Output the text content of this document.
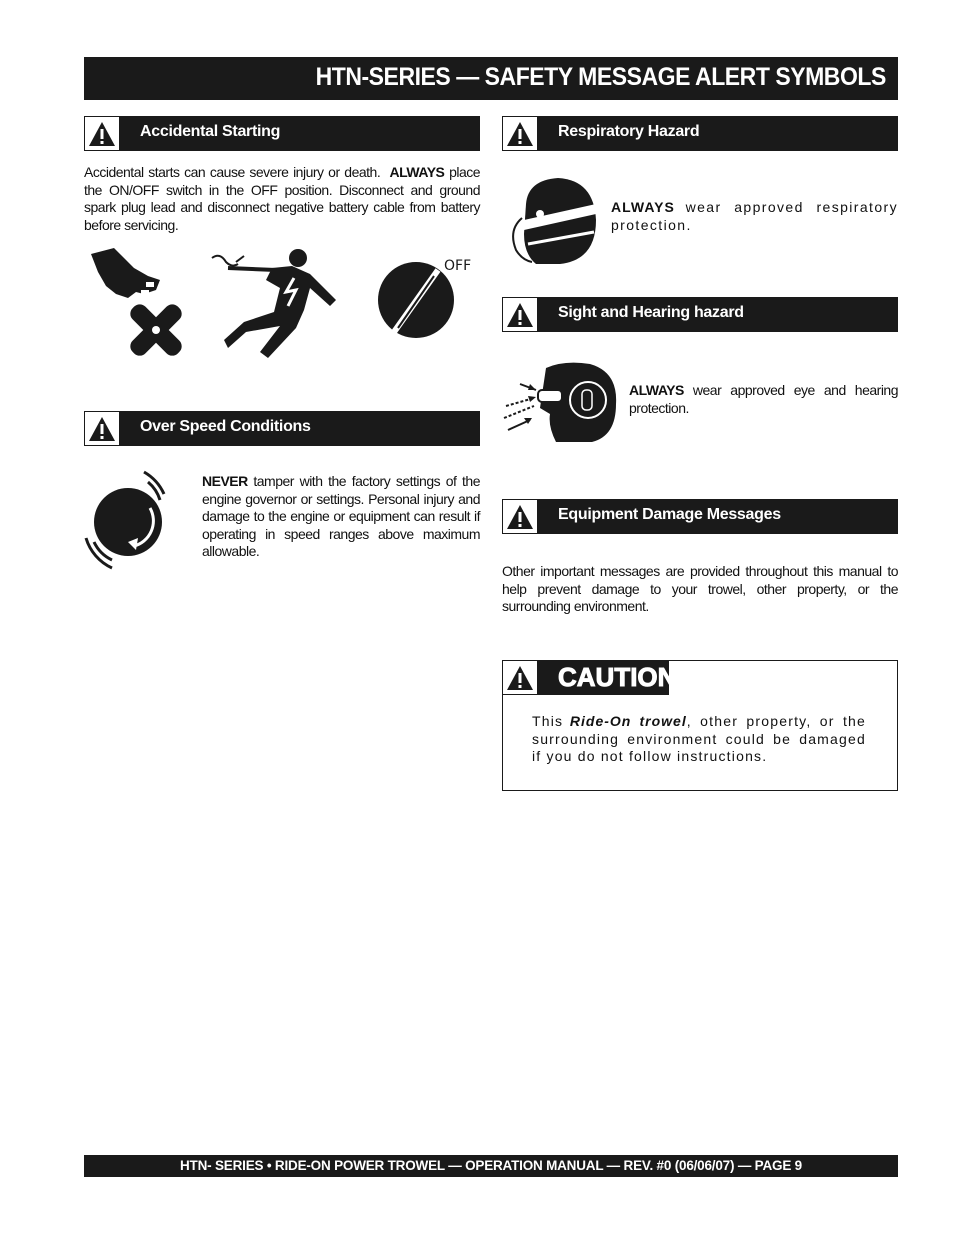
HTN-SERIES — SAFETY MESSAGE ALERT SYMBOLS
Accidental Starting
Accidental starts can cause severe injury or death. ALWAYS place the ON/OFF switch in the OFF position. Disconnect and ground spark plug lead and disconnect negative battery cable from battery before servicing.
OFF
Over Speed Conditions
NEVER tamper with the factory settings of the engine governor or settings. Personal injury and damage to the engine or equipment can result if operating in speed ranges above maximum allowable.
Respiratory Hazard
ALWAYS wear approved respiratory protection.
Sight and Hearing hazard
ALWAYS wear approved eye and hearing protection.
Equipment Damage Messages
Other important messages are provided throughout this manual to help prevent damage to your trowel, other property, or the surrounding environment.
CAUTION
This Ride-On trowel, other property, or the surrounding environment could be damaged if you do not follow instructions.
HTN- SERIES • RIDE-ON POWER TROWEL — OPERATION MANUAL — REV. #0 (06/06/07) — PAGE 9
